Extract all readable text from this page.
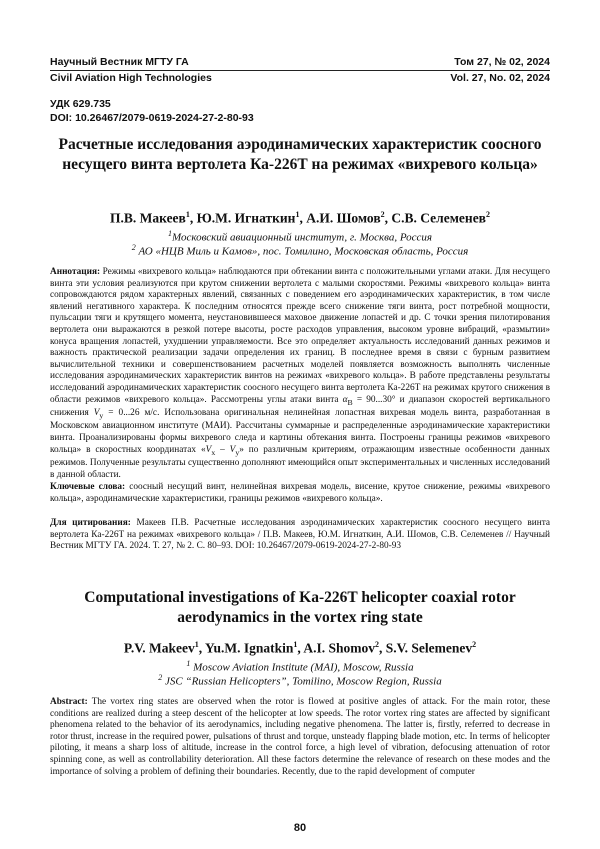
Научный Вестник МГТУ ГА	Том 27, № 02, 2024
Civil Aviation High Technologies	Vol. 27, No. 02, 2024
УДК 629.735
DOI: 10.26467/2079-0619-2024-27-2-80-93
Расчетные исследования аэродинамических характеристик соосного несущего винта вертолета Ка-226Т на режимах «вихревого кольца»
П.В. Макеев$^1$, Ю.М. Игнаткин$^1$, А.И. Шомов$^2$, С.В. Селеменев$^2$
$^1$Московский авиационный институт, г. Москва, Россия
$^2$ АО «НЦВ Миль и Камов», пос. Томилино, Московская область, Россия
Аннотация: Режимы «вихревого кольца» наблюдаются при обтекании винта с положительными углами атаки. Для несущего винта эти условия реализуются при крутом снижении вертолета с малыми скоростями. Режимы «вихревого кольца» винта сопровождаются рядом характерных явлений, связанных с поведением его аэродинамических характеристик, в том числе явлений негативного характера. К последним относятся прежде всего снижение тяги винта, рост потребной мощности, пульсации тяги и крутящего момента, неустановившееся маховое движение лопастей и др. С точки зрения пилотирования вертолета они выражаются в резкой потере высоты, росте расходов управления, высоком уровне вибраций, «размытии» конуса вращения лопастей, ухудшении управляемости. Все это определяет актуальность исследований данных режимов и важность практической реализации задачи определения их границ. В последнее время в связи с бурным развитием вычислительной техники и совершенствованием расчетных моделей появляется возможность выполнять численные исследования аэродинамических характеристик винтов на режимах «вихревого кольца». В работе представлены результаты исследований аэродинамических характеристик соосного несущего винта вертолета Ка-226Т на режимах крутого снижения в области режимов «вихревого кольца». Рассмотрены углы атаки винта $\alpha_В = 90...30^\circ$ и диапазон скоростей вертикального снижения $V_y = 0...26$ м/с. Использована оригинальная нелинейная лопастная вихревая модель винта, разработанная в Московском авиационном институте (МАИ). Рассчитаны суммарные и распределенные аэродинамические характеристики винта. Проанализированы формы вихревого следа и картины обтекания винта. Построены границы режимов «вихревого кольца» в скоростных координатах «$V_x - V_y$» по различным критериям, отражающим известные особенности данных режимов. Полученные результаты существенно дополняют имеющийся опыт экспериментальных и численных исследований в данной области.
Ключевые слова: соосный несущий винт, нелинейная вихревая модель, висение, крутое снижение, режимы «вихревого кольца», аэродинамические характеристики, границы режимов «вихревого кольца».
Для цитирования: Макеев П.В. Расчетные исследования аэродинамических характеристик соосного несущего винта вертолета Ка-226Т на режимах «вихревого кольца» / П.В. Макеев, Ю.М. Игнаткин, А.И. Шомов, С.В. Селеменев // Научный Вестник МГТУ ГА. 2024. Т. 27, № 2. С. 80–93. DOI: 10.26467/2079-0619-2024-27-2-80-93
Computational investigations of Ka-226T helicopter coaxial rotor aerodynamics in the vortex ring state
P.V. Makeev$^1$, Yu.M. Ignatkin$^1$, A.I. Shomov$^2$, S.V. Selemenev$^2$
$^1$ Moscow Aviation Institute (MAI), Moscow, Russia
$^2$ JSC “Russian Helicopters”, Tomilino, Moscow Region, Russia
Abstract: The vortex ring states are observed when the rotor is flowed at positive angles of attack. For the main rotor, these conditions are realized during a steep descent of the helicopter at low speeds. The rotor vortex ring states are affected by significant phenomena related to the behavior of its aerodynamics, including negative phenomena. The latter is, firstly, referred to decrease in rotor thrust, increase in the required power, pulsations of thrust and torque, unsteady flapping blade motion, etc. In terms of helicopter piloting, it means a sharp loss of altitude, increase in the control force, a high level of vibration, defocusing attenuation of rotor spinning cone, as well as controllability deterioration. All these factors determine the relevance of research on these modes and the importance of solving a problem of defining their boundaries. Recently, due to the rapid development of computer
80
